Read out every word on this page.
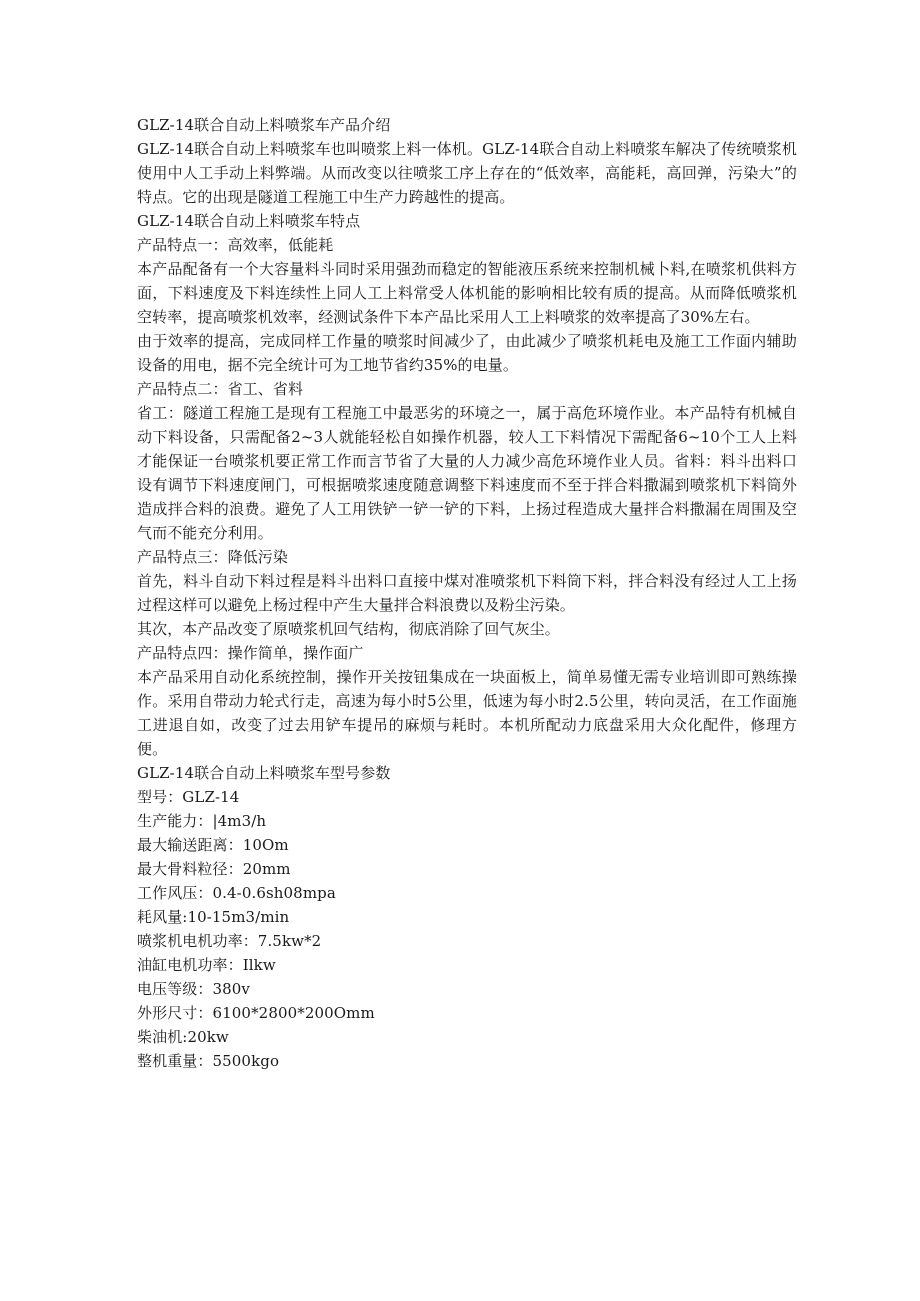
GLZ-14联合自动上料喷浆车产品介绍

GLZ-14联合自动上料喷浆车也叫喷浆上料一体机。GLZ-14联合自动上料喷浆车解决了传统喷浆机使用中人工手动上料弊端。从而改变以往喷浆工序上存在的“低效率，高能耗，高回弹，污染大”的特点。它的出现是隧道工程施工中生产力跨越性的提高。

GLZ-14联合自动上料喷浆车特点

产品特点一：高效率，低能耗

本产品配备有一个大容量料斗同时采用强劲而稳定的智能液压系统来控制机械卜料,在喷浆机供料方面，下料速度及下料连续性上同人工上料常受人体机能的影响相比较有质的提高。从而降低喷浆机空转率，提高喷浆机效率，经测试条件下本产品比采用人工上料喷浆的效率提高了30%左右。

由于效率的提高，完成同样工作量的喷浆时间减少了，由此减少了喷浆机耗电及施工工作面内辅助设备的用电，据不完全统计可为工地节省约35%的电量。

产品特点二：省工、省料

省工：隧道工程施工是现有工程施工中最恶劣的环境之一，属于高危环境作业。本产品特有机械自动下料设备，只需配备2~3人就能轻松自如操作机器，较人工下料情况下需配备6~10个工人上料才能保证一台喷浆机要正常工作而言节省了大量的人力减少高危环境作业人员。省料：料斗出料口设有调节下料速度闸门，可根据喷浆速度随意调整下料速度而不至于拌合料撒漏到喷浆机下料筒外造成拌合料的浪费。避免了人工用铁铲一铲一铲的下料，上扬过程造成大量拌合料撒漏在周围及空气而不能充分利用。

产品特点三：降低污染

首先，料斗自动下料过程是料斗出料口直接中煤对准喷浆机下料筒下料，拌合料没有经过人工上扬过程这样可以避免上杨过程中产生大量拌合料浪费以及粉尘污染。

其次，本产品改变了原喷浆机回气结构，彻底消除了回气灰尘。

产品特点四：操作简单，操作面广

本产品采用自动化系统控制，操作开关按钮集成在一块面板上，简单易懂无需专业培训即可熟练操作。采用自带动力轮式行走，高速为每小时5公里，低速为每小时2.5公里，转向灵活，在工作面施工进退自如，改变了过去用铲车提吊的麻烦与耗时。本机所配动力底盘采用大众化配件，修理方便。

GLZ-14联合自动上料喷浆车型号参数

型号：GLZ-14
生产能力：|4m3∕h
最大输送距离：10Om
最大骨料粒径：20mm
工作风压：0.4-0.6sh08mpa
耗风量:10-15m3∕min
喷浆机电机功率：7.5kw*2
油缸电机功率：Ilkw
电压等级：380v
外形尺寸：6100*2800*200Omm
柴油机:20kw
整机重量：5500kgo
